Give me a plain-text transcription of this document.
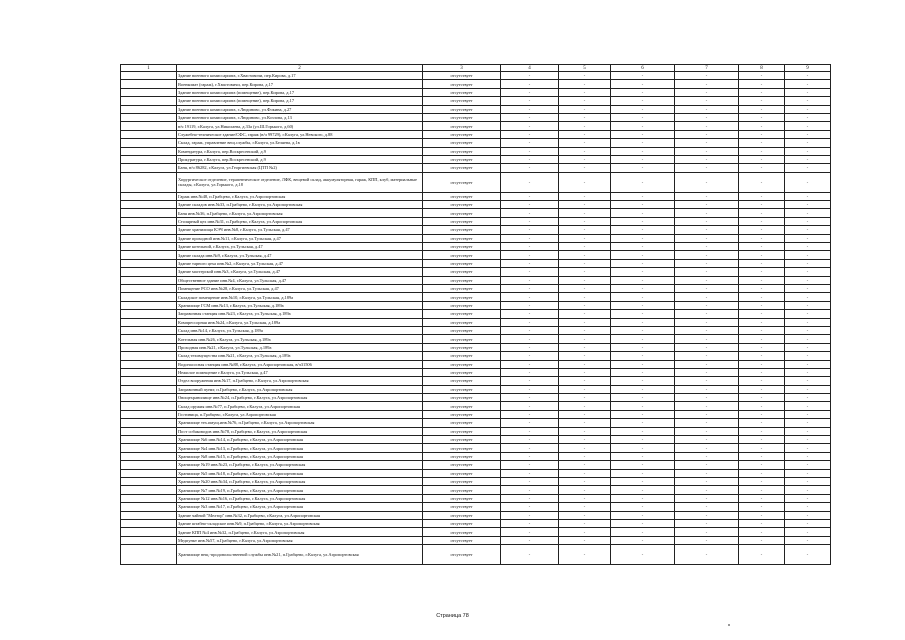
1	2	3	4	5	6	7	8	9
	Здание военного комиссариата, г.Хвастовичи, пер.Кирова, д.17	отсутствует	-	-	-	-	-	-
	Военкомат (гараж), г.Хвастовичи, пер.Кирова, д.17	отсутствует	-	-	-	-	-	-
	Здание военного комиссариата (помещение), пер.Кирова, д.17	отсутствует	-	-	-	-	-	-
	Здание военного комиссариата (помещение), пер.Кирова, д.17	отсутствует	-	-	-	-	-	-
	Здание военного комиссариата, г.Людиново, ул.Фокина, д.27	отсутствует	-	-	-	-	-	-
	Здание военного комиссариата, г.Людиново, ул.Козлова, д.13	отсутствует	-	-	-	-	-	-
	в/ч 19119, г.Калуга, ул.Николаева, д.33а (ул.Ш.Горького, д.60)	отсутствует	-	-	-	-	-	-
	Служебно-техническое здание/СФС, гараж (в/ч 99729), г.Калуга, ул.Невского, д.88	отсутствует	-	-	-	-	-	-
	Склад, гараж, управление вещ.службы, г.Калуга, ул.Беляева, д.1в	отсутствует	-	-	-	-	-	-
	Комендатура, г.Калуга, пер.Воскресенский, д.9	отсутствует	-	-	-	-	-	-
	Прокуратура, г.Калуга, пер.Воскресенский, д.9	отсутствует	-	-	-	-	-	-
	Баня, в/ч 86282, г.Калуга, ул.Георгиевская (ЦТП №2)	отсутствует	-	-	-	-	-	-
	Хирургическое отделение, терапевтическое отделение, ЛФК, вещевой склад, аккумуляторная, гараж, КПП, клуб, материальные склады, г.Калуга, ул.Горького, д.18	отсутствует	-	-	-	-	-	-
	Гараж инв.№48, п.Грабцево, г.Калуга, ул.Аэропортовская	отсутствует	-	-	-	-	-	-
	Здание складов инв.№33, п.Грабцево, г.Калуга, ул.Аэропортовская	отсутствует	-	-	-	-	-	-
	Баня инв.№36, п.Грабцево, г.Калуга, ул.Аэропортовская	отсутствует	-	-	-	-	-	-
	Столярный цех инв.№31, п.Грабцево, г.Калуга, ул.Аэропортовская	отсутствует	-	-	-	-	-	-
	Здание хранилища КЭЧ инв.№8, г.Калуга, ул.Тульская, д.47	отсутствует	-	-	-	-	-	-
	Здание проходной инв.№11, г.Калуга, ул.Тульская, д.47	отсутствует	-	-	-	-	-	-
	Здание котельной, г.Калуга, ул.Тульская, д.47	отсутствует	-	-	-	-	-	-
	Здание склада инв.№9, г.Калуга, ул.Тульская, д.47	отсутствует	-	-	-	-	-	-
	Здание тарного цеха инв.№2, г.Калуга, ул.Тульская, д.47	отсутствует	-	-	-	-	-	-
	Здание мастерской инв.№3, г.Калуга, ул.Тульская, д.47	отсутствует	-	-	-	-	-	-
	Общественное здание инв.№4, г.Калуга, ул.Тульская, д.47	отсутствует	-	-	-	-	-	-
	Помещение РСО инв.№28, г.Калуга, ул.Тульская, д.47	отсутствует	-	-	-	-	-	-
	Складское помещение инв.№10, г.Калуга, ул.Тульская, д.189а	отсутствует	-	-	-	-	-	-
	Хранилище ГСМ инв.№13, г.Калуга, ул.Тульская, д.189а	отсутствует	-	-	-	-	-	-
	Заправочная станция инв.№23, г.Калуга, ул.Тульская, д.189а	отсутствует	-	-	-	-	-	-
	Компрессорная инв.№24, г.Калуга, ул.Тульская, д.189а	отсутствует	-	-	-	-	-	-
	Склад инв.№14, г.Калуга, ул.Тульская, д.189а	отсутствует	-	-	-	-	-	-
	Котельная инв.№26, г.Калуга, ул.Тульская, д.189а	отсутствует	-	-	-	-	-	-
	Проходная инв.№21, г.Калуга, ул.Тульская, д.189а	отсутствует	-	-	-	-	-	-
	Склад техимущества инв.№21, г.Калуга, ул.Тульская, д.189а	отсутствует	-	-	-	-	-	-
	Водонасосная станция инв.№88, г.Калуга, ул.Аэропортовская, в/ч31506	отсутствует	-	-	-	-	-	-
	Нежилое помещение г.Калуга, ул.Тульская, д.47	отсутствует	-	-	-	-	-	-
	Отдел вооружения инв.№17, п.Грабцево, г.Калуга, ул.Аэропортовская	отсутствует	-	-	-	-	-	-
	Заправочный пункт, п.Грабцево, г.Калуга, ул.Аэропортовская	отсутствует	-	-	-	-	-	-
	Овощехранилище инв.№24, п.Грабцево, г.Калуга, ул.Аэропортовская	отсутствует	-	-	-	-	-	-
	Склад оружия инв.№77, п.Грабцево, г.Калуга, ул.Аэропортовская	отсутствует	-	-	-	-	-	-
	Гостиница, п.Грабцево, г.Калуга, ул.Аэропортовская	отсутствует	-	-	-	-	-	-
	Хранилище тех.имущ.инв.№76, п.Грабцево, г.Калуга, ул.Аэропортовская	отсутствует	-	-	-	-	-	-
	Пост собаководов инв.№78, п.Грабцево, г.Калуга, ул.Аэропортовская	отсутствует	-	-	-	-	-	-
	Хранилище №6 инв.№14, п.Грабцево, г.Калуга, ул.Аэропортовская	отсутствует	-	-	-	-	-	-
	Хранилище №4 инв.№13, п.Грабцево, г.Калуга, ул.Аэропортовская	отсутствует	-	-	-	-	-	-
	Хранилище №8 инв.№15, п.Грабцево, г.Калуга, ул.Аэропортовская	отсутствует	-	-	-	-	-	-
	Хранилище №19 инв.№23, п.Грабцево, г.Калуга, ул.Аэропортовская	отсутствует	-	-	-	-	-	-
	Хранилище №5 инв.№18, п.Грабцево, г.Калуга, ул.Аэропортовская	отсутствует	-	-	-	-	-	-
	Хранилище №20 инв.№34, п.Грабцево, г.Калуга, ул.Аэропортовская	отсутствует	-	-	-	-	-	-
	Хранилище №7 инв.№19, п.Грабцево, г.Калуга, ул.Аэропортовская	отсутствует	-	-	-	-	-	-
	Хранилище №12 инв.№16, п.Грабцево, г.Калуга, ул.Аэропортовская	отсутствует	-	-	-	-	-	-
	Хранилище №3 инв.№17, п.Грабцево, г.Калуга, ул.Аэропортовская	отсутствует	-	-	-	-	-	-
	Здание чайной "Мелтор" инв.№32, п.Грабцево, г.Калуга, ул.Аэропортовская	отсутствует	-	-	-	-	-	-
	Здание штабно-складское инв.№9, п.Грабцево, г.Калуга, ул.Аэропортовская	отсутствует	-	-	-	-	-	-
	Здание КПП №4 инв.№32, п.Грабцево, г.Калуга, ул.Аэропортовская	отсутствует	-	-	-	-	-	-
	Медпункт инв.№57, п.Грабцево, г.Калуга, ул.Аэропортовская	отсутствует	-	-	-	-	-	-
	Хранилище вещ.-продовольственной службы инв.№21, п.Грабцево, г.Калуга, ул.Аэропортовская	отсутствует	-	-	-	-	-	-
Страница 78
